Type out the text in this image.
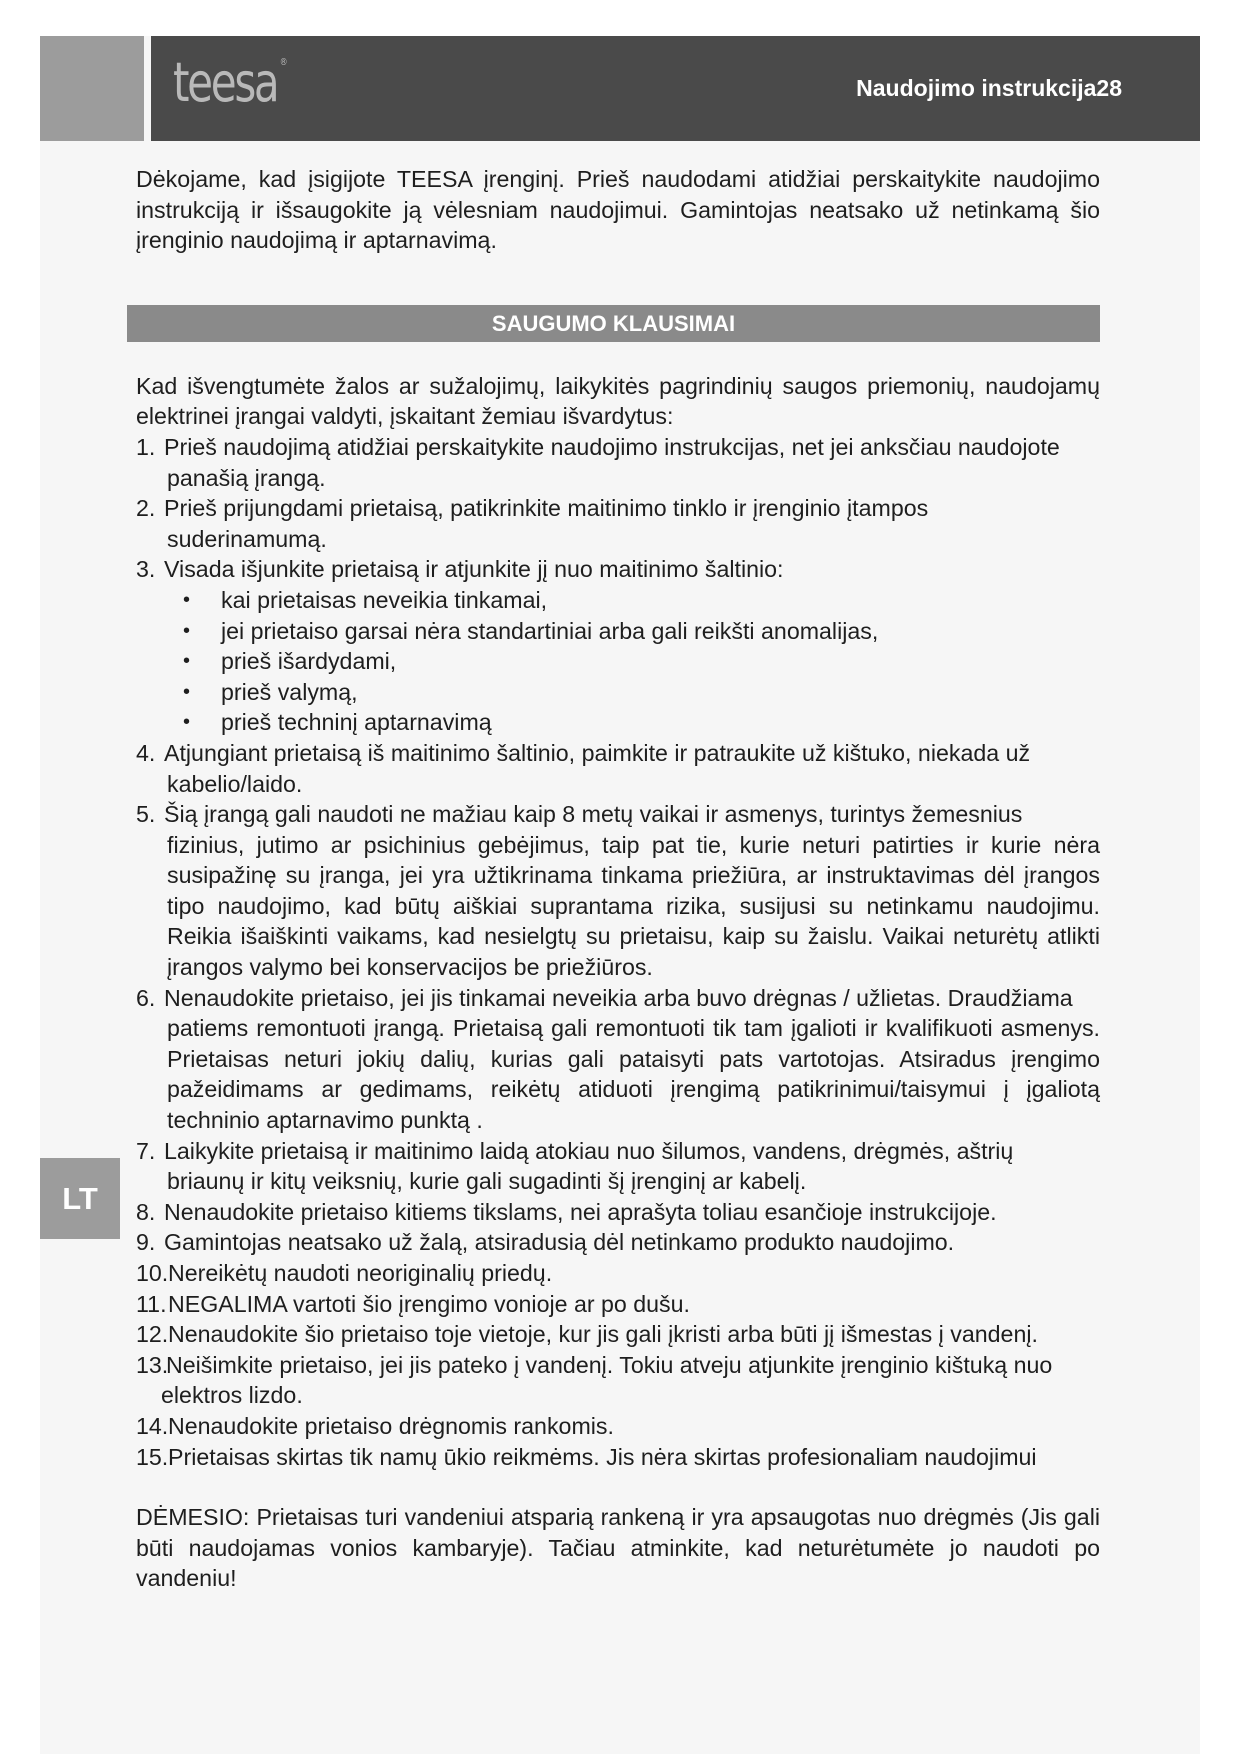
teesa ®
Naudojimo instrukcija28

Dėkojame, kad įsigijote TEESA įrenginį. Prieš naudodami atidžiai perskaitykite naudojimo instrukciją ir išsaugokite ją vėlesniam naudojimui. Gamintojas neatsako už netinkamą šio įrenginio naudojimą ir aptarnavimą.

SAUGUMO KLAUSIMAI

Kad išvengtumėte žalos ar sužalojimų, laikykitės pagrindinių saugos priemonių, naudojamų elektrinei įrangai valdyti, įskaitant žemiau išvardytus:

1. Prieš naudojimą atidžiai perskaitykite naudojimo instrukcijas, net jei anksčiau naudojote
panašią įrangą.
2. Prieš prijungdami prietaisą, patikrinkite maitinimo tinklo ir įrenginio įtampos
suderinamumą.
3. Visada išjunkite prietaisą ir atjunkite jį nuo maitinimo šaltinio:
• kai prietaisas neveikia tinkamai,
• jei prietaiso garsai nėra standartiniai arba gali reikšti anomalijas,
• prieš išardydami,
• prieš valymą,
• prieš techninį aptarnavimą
4. Atjungiant prietaisą iš maitinimo šaltinio, paimkite ir patraukite už kištuko, niekada už
kabelio/laido.
5. Šią įrangą gali naudoti ne mažiau kaip 8 metų vaikai ir asmenys, turintys žemesnius
fizinius, jutimo ar psichinius gebėjimus, taip pat tie, kurie neturi patirties ir kurie nėra susipažinę su įranga, jei yra užtikrinama tinkama priežiūra, ar instruktavimas dėl įrangos tipo naudojimo, kad būtų aiškiai suprantama rizika, susijusi su netinkamu naudojimu. Reikia išaiškinti vaikams, kad nesielgtų su prietaisu, kaip su žaislu. Vaikai neturėtų atlikti įrangos valymo bei konservacijos be priežiūros.
6. Nenaudokite prietaiso, jei jis tinkamai neveikia arba buvo drėgnas / užlietas. Draudžiama
patiems remontuoti įrangą. Prietaisą gali remontuoti tik tam įgalioti ir kvalifikuoti asmenys. Prietaisas neturi jokių dalių, kurias gali pataisyti pats vartotojas. Atsiradus įrengimo pažeidimams ar gedimams, reikėtų atiduoti įrengimą patikrinimui/taisymui į įgaliotą techninio aptarnavimo punktą .
7. Laikykite prietaisą ir maitinimo laidą atokiau nuo šilumos, vandens, drėgmės, aštrių
briaunų ir kitų veiksnių, kurie gali sugadinti šį įrenginį ar kabelį.
8. Nenaudokite prietaiso kitiems tikslams, nei aprašyta toliau esančioje instrukcijoje.
9. Gamintojas neatsako už žalą, atsiradusią dėl netinkamo produkto naudojimo.
10. Nereikėtų naudoti neoriginalių priedų.
11. NEGALIMA vartoti šio įrengimo vonioje ar po dušu.
12. Nenaudokite šio prietaiso toje vietoje, kur jis gali įkristi arba būti jį išmestas į vandenį.
13.
Neišimkite prietaiso, jei jis pateko į vandenį. Tokiu atveju atjunkite įrenginio kištuką nuo
elektros lizdo.
14. Nenaudokite prietaiso drėgnomis rankomis.
15. Prietaisas skirtas tik namų ūkio reikmėms. Jis nėra skirtas profesionaliam naudojimui

DĖMESIO: Prietaisas turi vandeniui atsparią rankeną ir yra apsaugotas nuo drėgmės (Jis gali būti naudojamas vonios kambaryje). Tačiau atminkite, kad neturėtumėte jo naudoti po vandeniu!

LT
